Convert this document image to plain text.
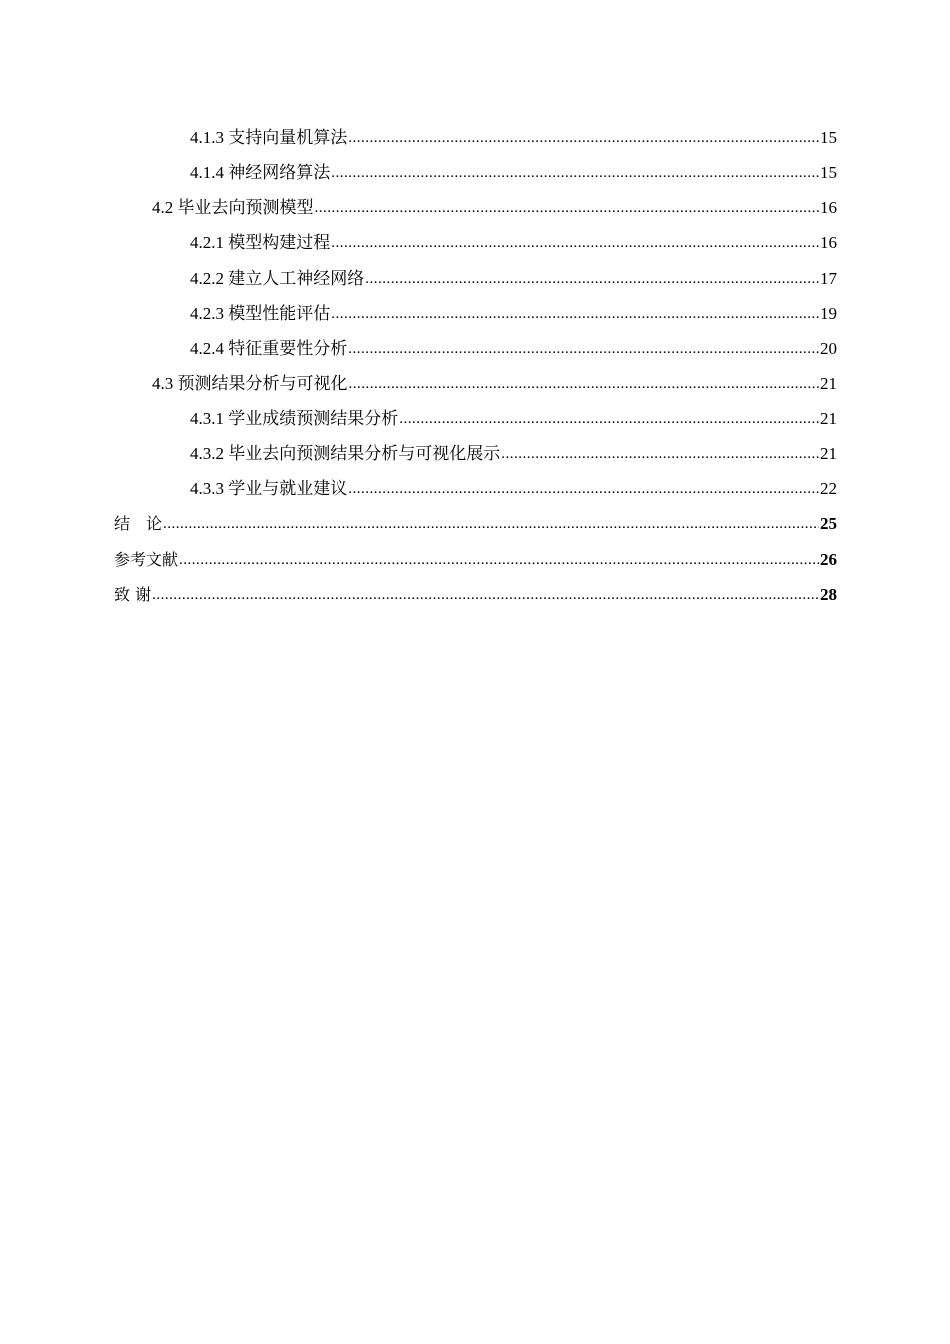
4.1.3 支持向量机算法 .....	15
4.1.4 神经网络算法 .....	15
4.2 毕业去向预测模型 .....	16
4.2.1 模型构建过程 .....	16
4.2.2 建立人工神经网络 .....	17
4.2.3 模型性能评估 .....	19
4.2.4 特征重要性分析 .....	20
4.3 预测结果分析与可视化 .....	21
4.3.1 学业成绩预测结果分析 .....	21
4.3.2 毕业去向预测结果分析与可视化展示 .....	21
4.3.3 学业与就业建议 .....	22
结　论 .....	25
参考文献 .....	26
致 谢 .....	28
